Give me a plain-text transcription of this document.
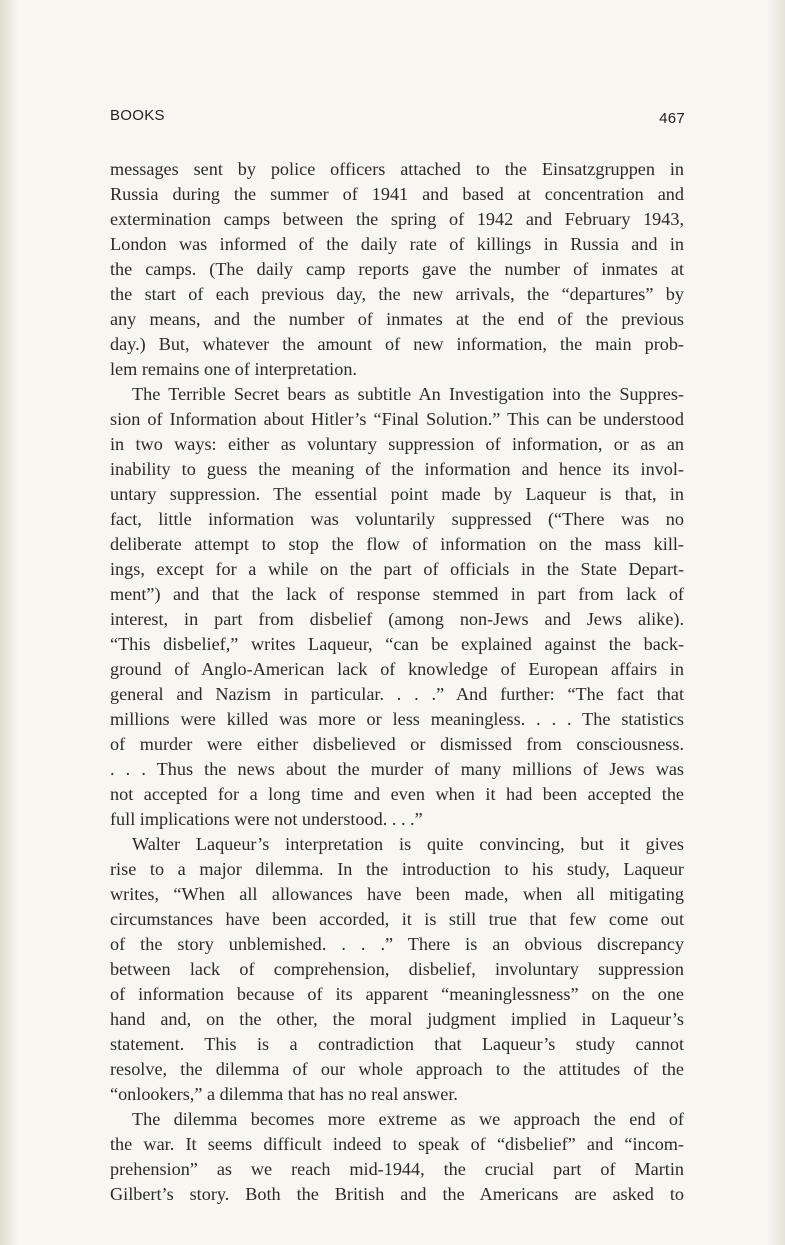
BOOKS	467
messages sent by police officers attached to the Einsatzgruppen in
Russia during the summer of 1941 and based at concentration and
extermination camps between the spring of 1942 and February 1943,
London was informed of the daily rate of killings in Russia and in
the camps. (The daily camp reports gave the number of inmates at
the start of each previous day, the new arrivals, the “departures” by
any means, and the number of inmates at the end of the previous
day.) But, whatever the amount of new information, the main prob-
lem remains one of interpretation.
The Terrible Secret bears as subtitle An Investigation into the Suppres-
sion of Information about Hitler’s “Final Solution.” This can be understood
in two ways: either as voluntary suppression of information, or as an
inability to guess the meaning of the information and hence its invol-
untary suppression. The essential point made by Laqueur is that, in
fact, little information was voluntarily suppressed (“There was no
deliberate attempt to stop the flow of information on the mass kill-
ings, except for a while on the part of officials in the State Depart-
ment”) and that the lack of response stemmed in part from lack of
interest, in part from disbelief (among non-Jews and Jews alike).
“This disbelief,” writes Laqueur, “can be explained against the back-
ground of Anglo-American lack of knowledge of European affairs in
general and Nazism in particular. . . .” And further: “The fact that
millions were killed was more or less meaningless. . . . The statistics
of murder were either disbelieved or dismissed from consciousness.
. . . Thus the news about the murder of many millions of Jews was
not accepted for a long time and even when it had been accepted the
full implications were not understood. . . .”
Walter Laqueur’s interpretation is quite convincing, but it gives
rise to a major dilemma. In the introduction to his study, Laqueur
writes, “When all allowances have been made, when all mitigating
circumstances have been accorded, it is still true that few come out
of the story unblemished. . . .” There is an obvious discrepancy
between lack of comprehension, disbelief, involuntary suppression
of information because of its apparent “meaninglessness” on the one
hand and, on the other, the moral judgment implied in Laqueur’s
statement. This is a contradiction that Laqueur’s study cannot
resolve, the dilemma of our whole approach to the attitudes of the
“onlookers,” a dilemma that has no real answer.
The dilemma becomes more extreme as we approach the end of
the war. It seems difficult indeed to speak of “disbelief” and “incom-
prehension” as we reach mid-1944, the crucial part of Martin
Gilbert’s story. Both the British and the Americans are asked to
